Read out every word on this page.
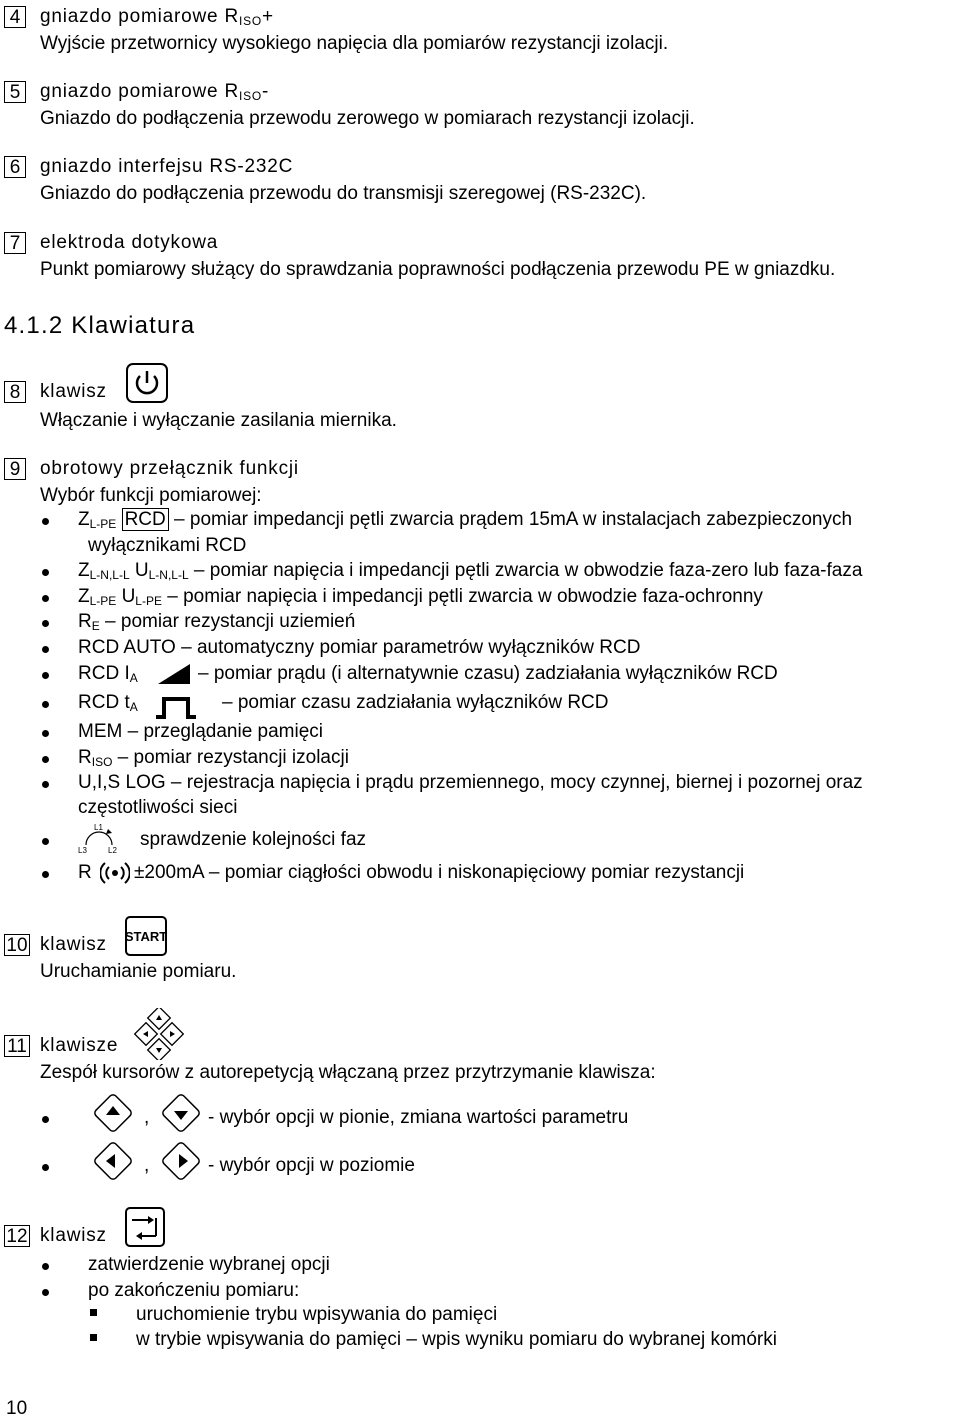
4	gniazdo pomiarowe $R_{ISO}+$
Wyjście przetwornicy wysokiego napięcia dla pomiarów rezystancji izolacji.
5	gniazdo pomiarowe $R_{ISO}-$
Gniazdo do podłączenia przewodu zerowego w pomiarach rezystancji izolacji.
6	gniazdo interfejsu RS-232C
Gniazdo do podłączenia przewodu do transmisji szeregowej (RS-232C).
7	elektroda dotykowa
Punkt pomiarowy służący do sprawdzania poprawności podłączenia przewodu PE w gniazdku.
4.1.2 Klawiatura
8	klawisz
Włączanie i wyłączanie zasilania miernika.
9	obrotowy przełącznik funkcji
Wybór funkcji pomiarowej:
$Z_{L-PE}$ RCD – pomiar impedancji pętli zwarcia prądem 15mA w instalacjach zabezpieczonych
wyłącznikami RCD
$Z_{L-N,L-L}$ $U_{L-N,L-L}$ – pomiar napięcia i impedancji pętli zwarcia w obwodzie faza-zero lub faza-faza
$Z_{L-PE}$ $U_{L-PE}$ – pomiar napięcia i impedancji pętli zwarcia w obwodzie faza-ochronny
$R_E$ – pomiar rezystancji uziemień
RCD AUTO – automatyczny pomiar parametrów wyłączników RCD
RCD $I_A$	– pomiar prądu (i alternatywnie czasu) zadziałania wyłączników RCD
RCD $t_A$	– pomiar czasu zadziałania wyłączników RCD
MEM – przeglądanie pamięci
$R_{ISO}$ – pomiar rezystancji izolacji
U,I,S LOG – rejestracja napięcia i prądu przemiennego, mocy czynnej, biernej i pozornej oraz
częstotliwości sieci
L1
L3	L2
sprawdzenie kolejności faz
R ±200mA – pomiar ciągłości obwodu i niskonapięciowy pomiar rezystancji
10 klawisz START
Uruchamianie pomiaru.
11 klawisze
Zespół kursorów z autorepetycją włączaną przez przytrzymanie klawisza:
,	- wybór opcji w pionie, zmiana wartości parametru
,	- wybór opcji w poziomie
12 klawisz
zatwierdzenie wybranej opcji
po zakończeniu pomiaru:
uruchomienie trybu wpisywania do pamięci
w trybie wpisywania do pamięci – wpis wyniku pomiaru do wybranej komórki
10
